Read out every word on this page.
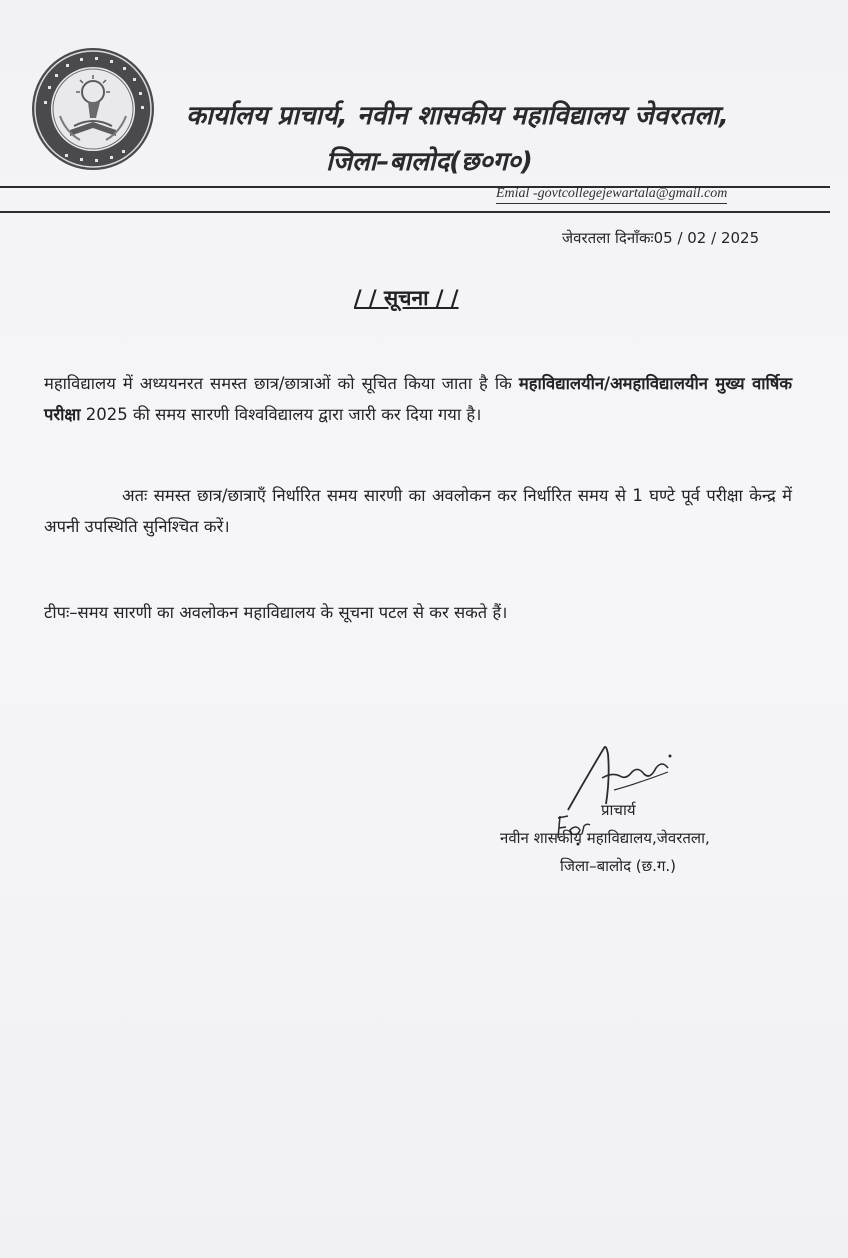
कार्यालय प्राचार्य, नवीन शासकीय महाविद्यालय जेवरतला,
जिला–बालोद(छ०ग०)
Emial -govtcollegejewartala@gmail.com
जेवरतला दिनाँकः05 / 02 / 2025
/ / सूचना / /
महाविद्यालय में अध्ययनरत समस्त छात्र/छात्राओं को सूचित किया जाता है कि महाविद्यालयीन/अमहाविद्यालयीन मुख्य वार्षिक परीक्षा 2025 की समय सारणी विश्वविद्यालय द्वारा जारी कर दिया गया है।
अतः समस्त छात्र/छात्राएँ निर्धारित समय सारणी का अवलोकन कर निर्धारित समय से 1 घण्टे पूर्व परीक्षा केन्द्र में अपनी उपस्थिति सुनिश्चित करें।
टीपः–समय सारणी का अवलोकन महाविद्यालय के सूचना पटल से कर सकते हैं।
प्राचार्य
नवीन शासकीय महाविद्यालय,जेवरतला,
जिला–बालोद (छ.ग.)
